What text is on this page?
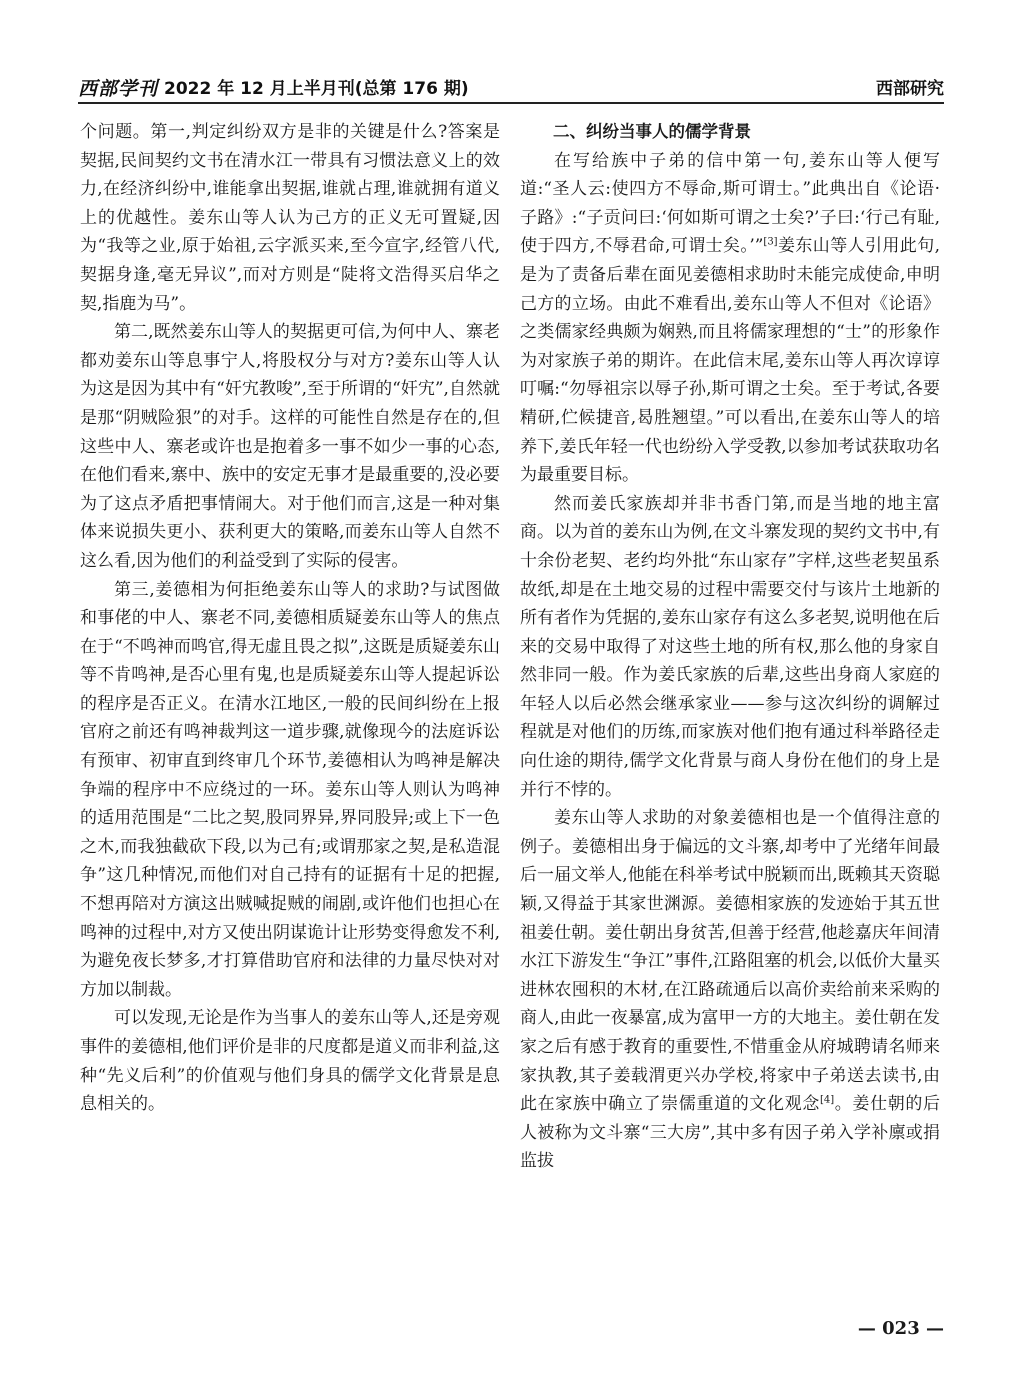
西部学刊 2022 年 12 月上半月刊(总第 176 期)	西部研究

个问题。第一,判定纠纷双方是非的关键是什么?答案是契据,民间契约文书在清水江一带具有习惯法意义上的效力,在经济纠纷中,谁能拿出契据,谁就占理,谁就拥有道义上的优越性。姜东山等人认为己方的正义无可置疑,因为“我等之业,原于始祖,云字派买来,至今宣字,经管八代,契据身逢,毫无异议”,而对方则是“陡将文浩得买启华之契,指鹿为马”。

第二,既然姜东山等人的契据更可信,为何中人、寨老都劝姜东山等息事宁人,将股权分与对方?姜东山等人认为这是因为其中有“奸宄教唆”,至于所谓的“奸宄”,自然就是那“阴贼险狠”的对手。这样的可能性自然是存在的,但这些中人、寨老或许也是抱着多一事不如少一事的心态,在他们看来,寨中、族中的安定无事才是最重要的,没必要为了这点矛盾把事情闹大。对于他们而言,这是一种对集体来说损失更小、获利更大的策略,而姜东山等人自然不这么看,因为他们的利益受到了实际的侵害。

第三,姜德相为何拒绝姜东山等人的求助?与试图做和事佬的中人、寨老不同,姜德相质疑姜东山等人的焦点在于“不鸣神而鸣官,得无虚且畏之拟”,这既是质疑姜东山等不肯鸣神,是否心里有鬼,也是质疑姜东山等人提起诉讼的程序是否正义。在清水江地区,一般的民间纠纷在上报官府之前还有鸣神裁判这一道步骤,就像现今的法庭诉讼有预审、初审直到终审几个环节,姜德相认为鸣神是解决争端的程序中不应绕过的一环。姜东山等人则认为鸣神的适用范围是“二比之契,股同界异,界同股异;或上下一色之木,而我独截砍下段,以为己有;或谓那家之契,是私造混争”这几种情况,而他们对自己持有的证据有十足的把握,不想再陪对方演这出贼喊捉贼的闹剧,或许他们也担心在鸣神的过程中,对方又使出阴谋诡计让形势变得愈发不利,为避免夜长梦多,才打算借助官府和法律的力量尽快对对方加以制裁。

可以发现,无论是作为当事人的姜东山等人,还是旁观事件的姜德相,他们评价是非的尺度都是道义而非利益,这种“先义后利”的价值观与他们身具的儒学文化背景是息息相关的。

二、纠纷当事人的儒学背景

在写给族中子弟的信中第一句,姜东山等人便写道:“圣人云:使四方不辱命,斯可谓士。”此典出自《论语·子路》:“子贡问曰:‘何如斯可谓之士矣?’子曰:‘行己有耻,使于四方,不辱君命,可谓士矣。’”[3]姜东山等人引用此句,是为了责备后辈在面见姜德相求助时未能完成使命,申明己方的立场。由此不难看出,姜东山等人不但对《论语》之类儒家经典颇为娴熟,而且将儒家理想的“士”的形象作为对家族子弟的期许。在此信末尾,姜东山等人再次谆谆叮嘱:“勿辱祖宗以辱子孙,斯可谓之士矣。至于考试,各要精研,伫候捷音,曷胜翘望。”可以看出,在姜东山等人的培养下,姜氏年轻一代也纷纷入学受教,以参加考试获取功名为最重要目标。

然而姜氏家族却并非书香门第,而是当地的地主富商。以为首的姜东山为例,在文斗寨发现的契约文书中,有十余份老契、老约均外批“东山家存”字样,这些老契虽系故纸,却是在土地交易的过程中需要交付与该片土地新的所有者作为凭据的,姜东山家存有这么多老契,说明他在后来的交易中取得了对这些土地的所有权,那么他的身家自然非同一般。作为姜氏家族的后辈,这些出身商人家庭的年轻人以后必然会继承家业——参与这次纠纷的调解过程就是对他们的历练,而家族对他们抱有通过科举路径走向仕途的期待,儒学文化背景与商人身份在他们的身上是并行不悖的。

姜东山等人求助的对象姜德相也是一个值得注意的例子。姜德相出身于偏远的文斗寨,却考中了光绪年间最后一届文举人,他能在科举考试中脱颖而出,既赖其天资聪颖,又得益于其家世渊源。姜德相家族的发迹始于其五世祖姜仕朝。姜仕朝出身贫苦,但善于经营,他趁嘉庆年间清水江下游发生“争江”事件,江路阻塞的机会,以低价大量买进林农囤积的木材,在江路疏通后以高价卖给前来采购的商人,由此一夜暴富,成为富甲一方的大地主。姜仕朝在发家之后有感于教育的重要性,不惜重金从府城聘请名师来家执教,其子姜载渭更兴办学校,将家中子弟送去读书,由此在家族中确立了崇儒重道的文化观念[4]。姜仕朝的后人被称为文斗寨“三大房”,其中多有因子弟入学补廪或捐监拔

— 023 —
